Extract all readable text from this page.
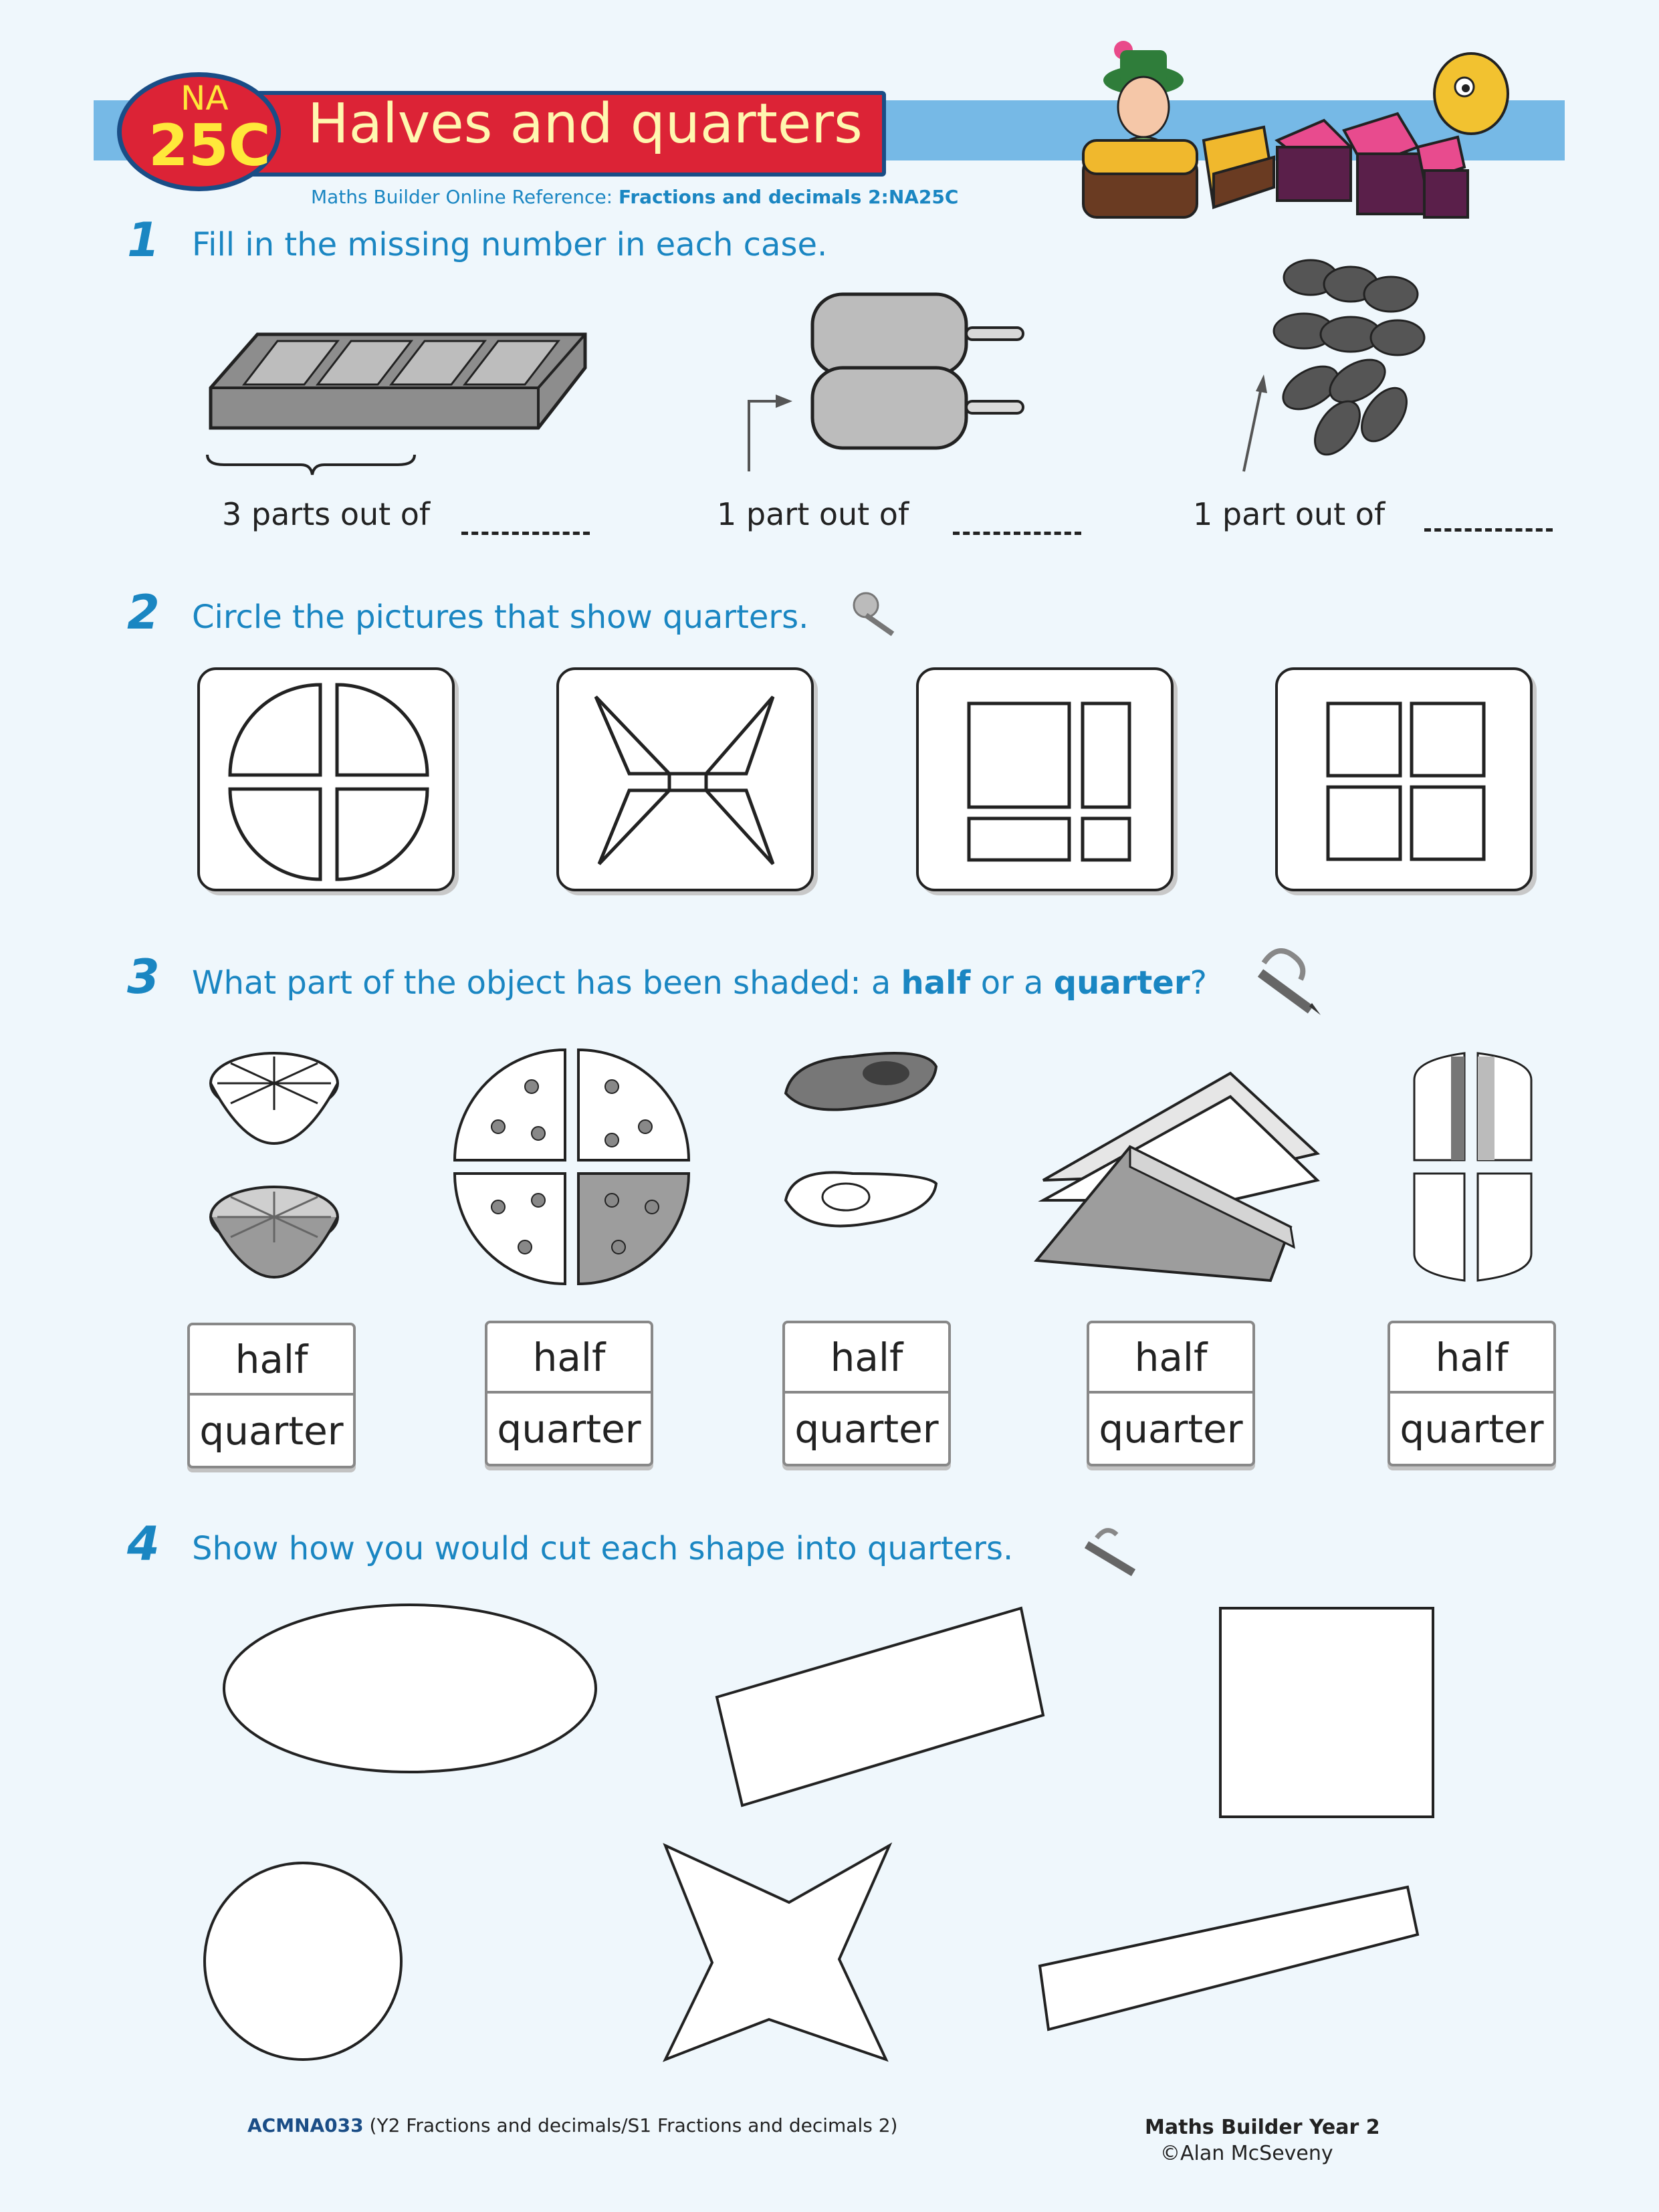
Halves and quarters
NA
25C
Maths Builder Online Reference: Fractions and decimals 2:NA25C
1 Fill in the missing number in each case.
3 parts out of	1 part out of	1 part out of
2 Circle the pictures that show quarters.
3 What part of the object has been shaded: a half or a quarter?
half
quarter
half
quarter
half
quarter
half
quarter
half
quarter
4 Show how you would cut each shape into quarters.
ACMNA033 (Y2 Fractions and decimals/S1 Fractions and decimals 2)	Maths Builder Year 2
©Alan McSeveny
